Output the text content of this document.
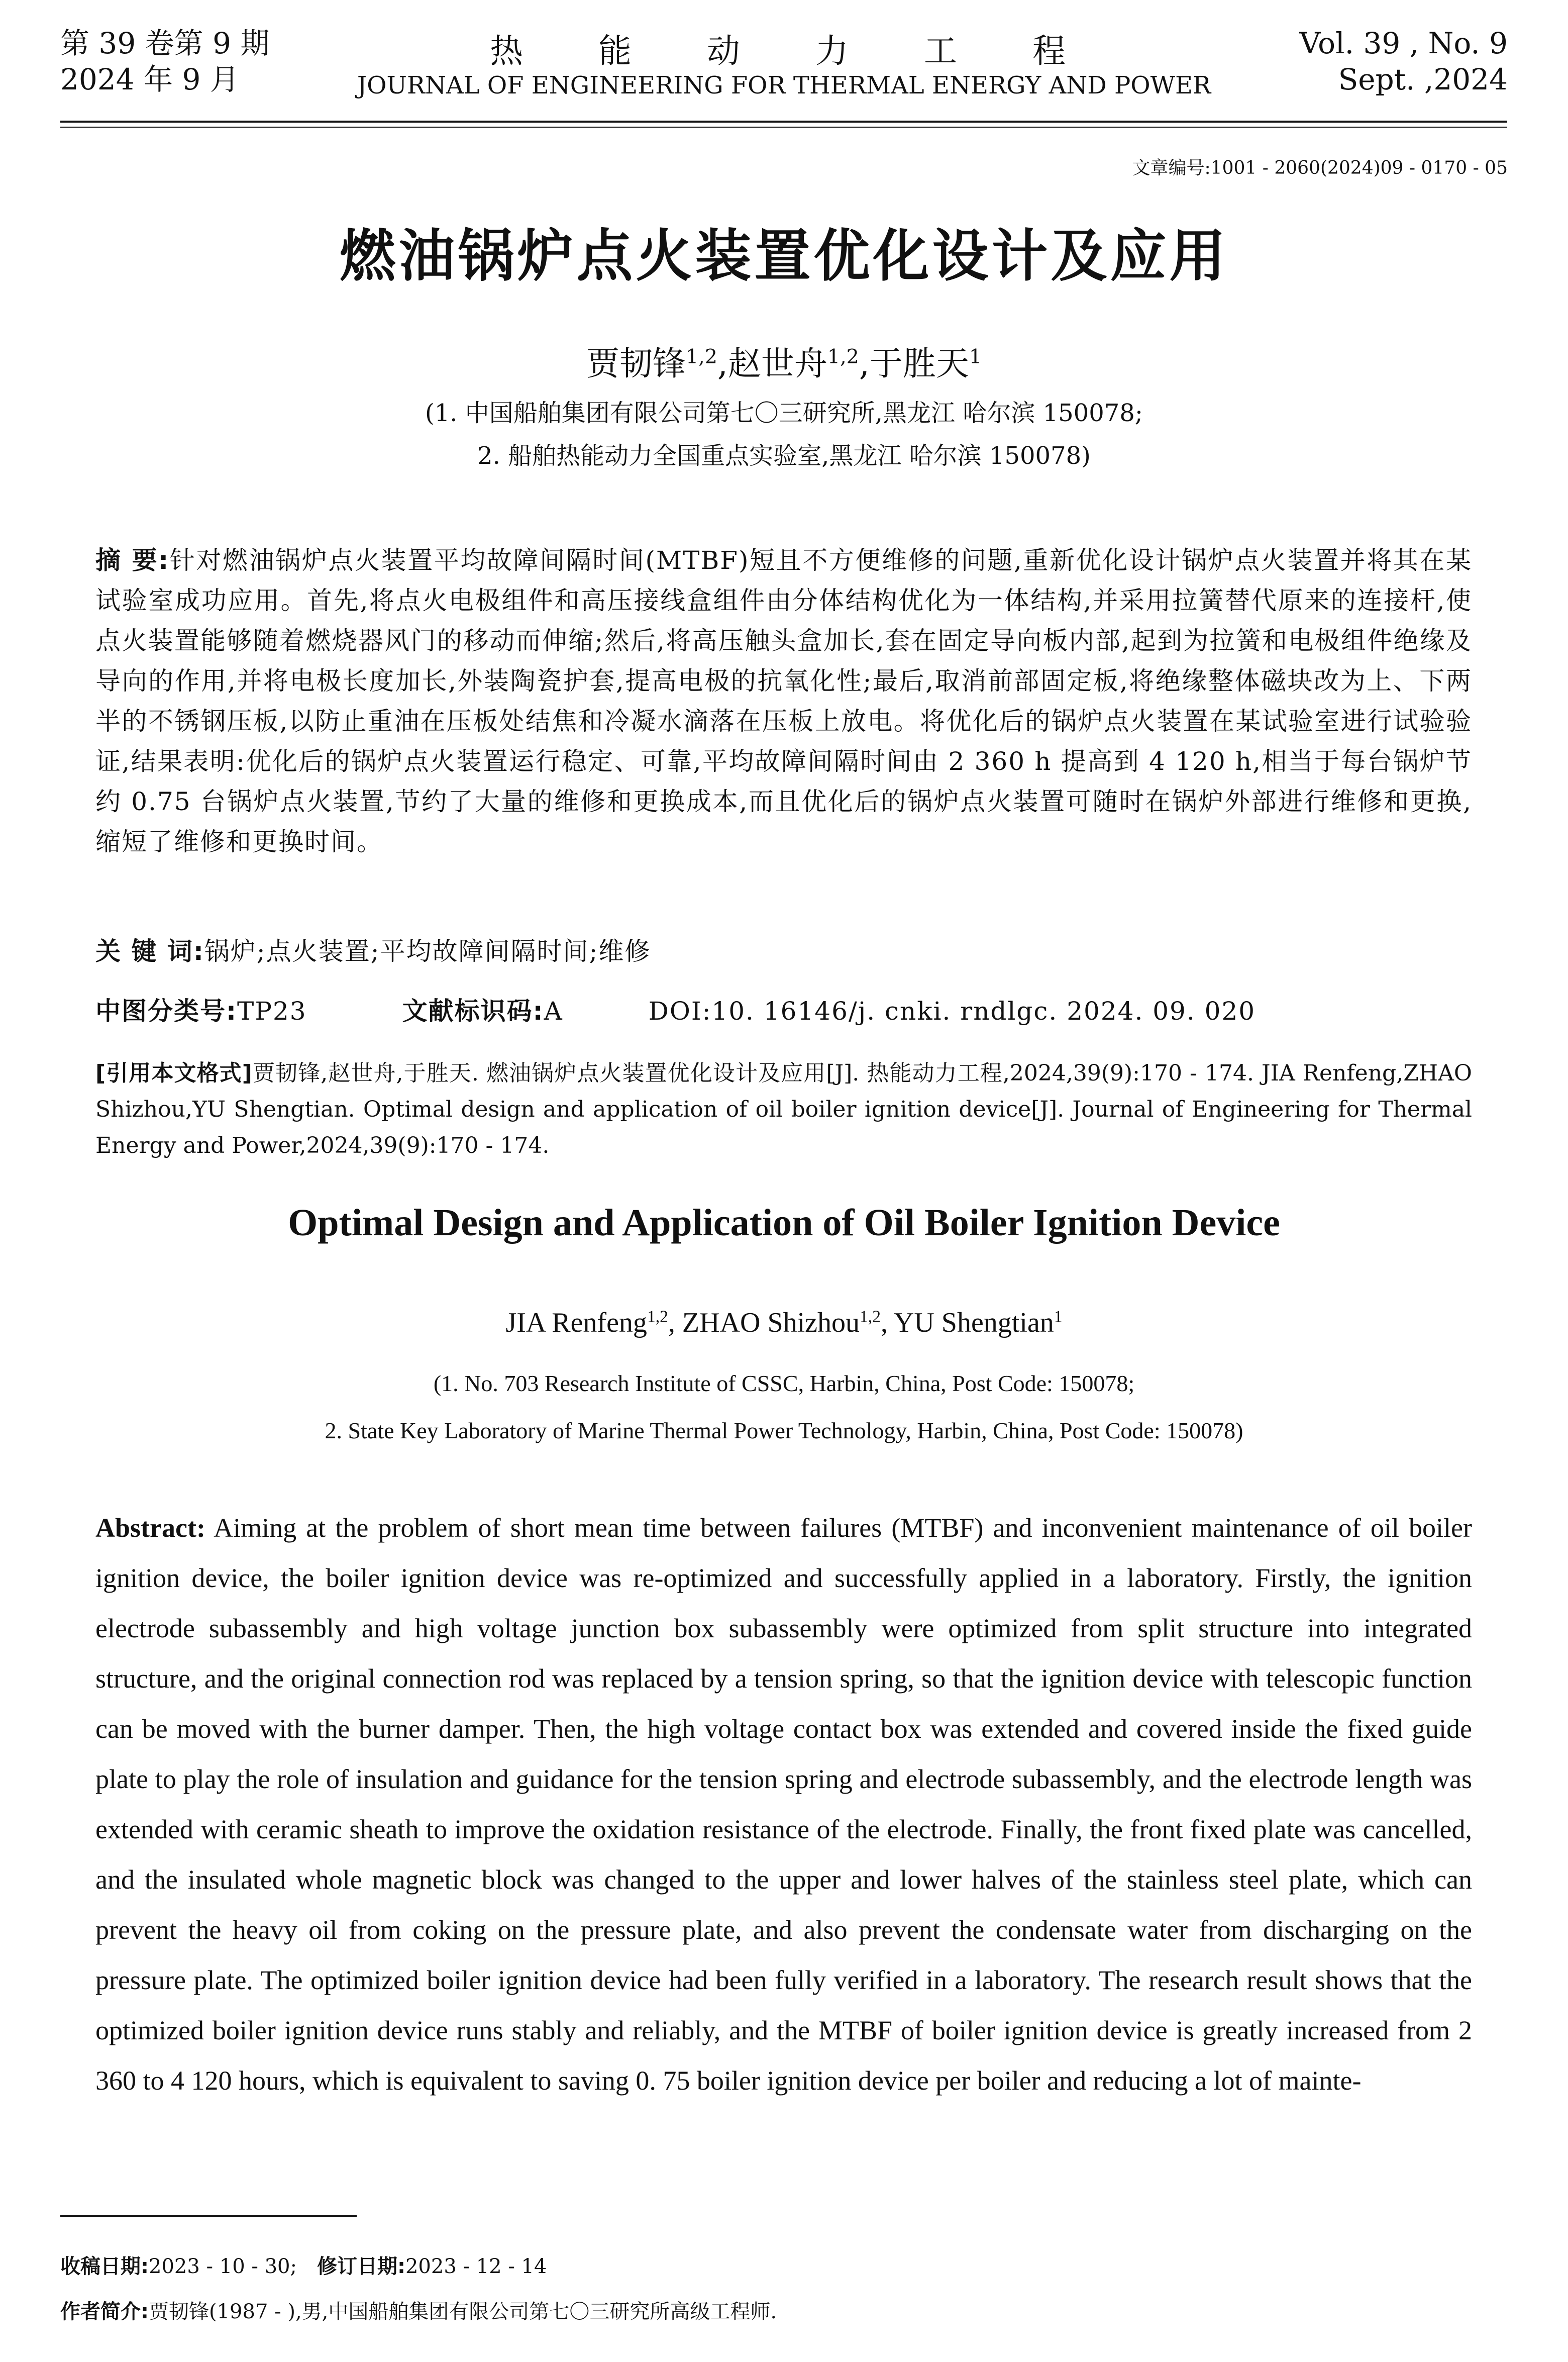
第 39 卷第 9 期
2024 年 9 月
热能动力工程
JOURNAL OF ENGINEERING FOR THERMAL ENERGY AND POWER
Vol. 39 , No. 9
Sept. ,2024
文章编号:1001 - 2060(2024)09 - 0170 - 05
燃油锅炉点火装置优化设计及应用
贾韧锋$^{1,2}$,赵世舟$^{1,2}$,于胜天$^1$
(1. 中国船舶集团有限公司第七〇三研究所,黑龙江 哈尔滨 150078;
2. 船舶热能动力全国重点实验室,黑龙江 哈尔滨 150078)
摘 要:针对燃油锅炉点火装置平均故障间隔时间(MTBF)短且不方便维修的问题,重新优化设计锅炉点火装置并将其在某试验室成功应用。首先,将点火电极组件和高压接线盒组件由分体结构优化为一体结构,并采用拉簧替代原来的连接杆,使点火装置能够随着燃烧器风门的移动而伸缩;然后,将高压触头盒加长,套在固定导向板内部,起到为拉簧和电极组件绝缘及导向的作用,并将电极长度加长,外装陶瓷护套,提高电极的抗氧化性;最后,取消前部固定板,将绝缘整体磁块改为上、下两半的不锈钢压板,以防止重油在压板处结焦和冷凝水滴落在压板上放电。将优化后的锅炉点火装置在某试验室进行试验验证,结果表明:优化后的锅炉点火装置运行稳定、可靠,平均故障间隔时间由 2 360 h 提高到 4 120 h,相当于每台锅炉节约 0.75 台锅炉点火装置,节约了大量的维修和更换成本,而且优化后的锅炉点火装置可随时在锅炉外部进行维修和更换,缩短了维修和更换时间。
关 键 词:锅炉;点火装置;平均故障间隔时间;维修
中图分类号:TP23	文献标识码:A	DOI:10. 16146/j. cnki. rndlgc. 2024. 09. 020
[引用本文格式]贾韧锋,赵世舟,于胜天. 燃油锅炉点火装置优化设计及应用[J]. 热能动力工程,2024,39(9):170 - 174. JIA Renfeng,ZHAO Shizhou,YU Shengtian. Optimal design and application of oil boiler ignition device[J]. Journal of Engineering for Thermal Energy and Power,2024,39(9):170 - 174.
Optimal Design and Application of Oil Boiler Ignition Device
JIA Renfeng$^{1,2}$, ZHAO Shizhou$^{1,2}$, YU Shengtian$^1$
(1. No. 703 Research Institute of CSSC, Harbin, China, Post Code: 150078;
2. State Key Laboratory of Marine Thermal Power Technology, Harbin, China, Post Code: 150078)
Abstract: Aiming at the problem of short mean time between failures (MTBF) and inconvenient maintenance of oil boiler ignition device, the boiler ignition device was re-optimized and successfully applied in a laboratory. Firstly, the ignition electrode subassembly and high voltage junction box subassembly were optimized from split structure into integrated structure, and the original connection rod was replaced by a tension spring, so that the ignition device with telescopic function can be moved with the burner damper. Then, the high voltage contact box was extended and covered inside the fixed guide plate to play the role of insulation and guidance for the tension spring and electrode subassembly, and the electrode length was extended with ceramic sheath to improve the oxidation resistance of the electrode. Finally, the front fixed plate was cancelled, and the insulated whole magnetic block was changed to the upper and lower halves of the stainless steel plate, which can prevent the heavy oil from coking on the pressure plate, and also prevent the condensate water from discharging on the pressure plate. The optimized boiler ignition device had been fully verified in a laboratory. The research result shows that the optimized boiler ignition device runs stably and reliably, and the MTBF of boiler ignition device is greatly increased from 2 360 to 4 120 hours, which is equivalent to saving 0. 75 boiler ignition device per boiler and reducing a lot of mainte-
收稿日期:2023 - 10 - 30; 修订日期:2023 - 12 - 14
作者简介:贾韧锋(1987 - ),男,中国船舶集团有限公司第七〇三研究所高级工程师.
